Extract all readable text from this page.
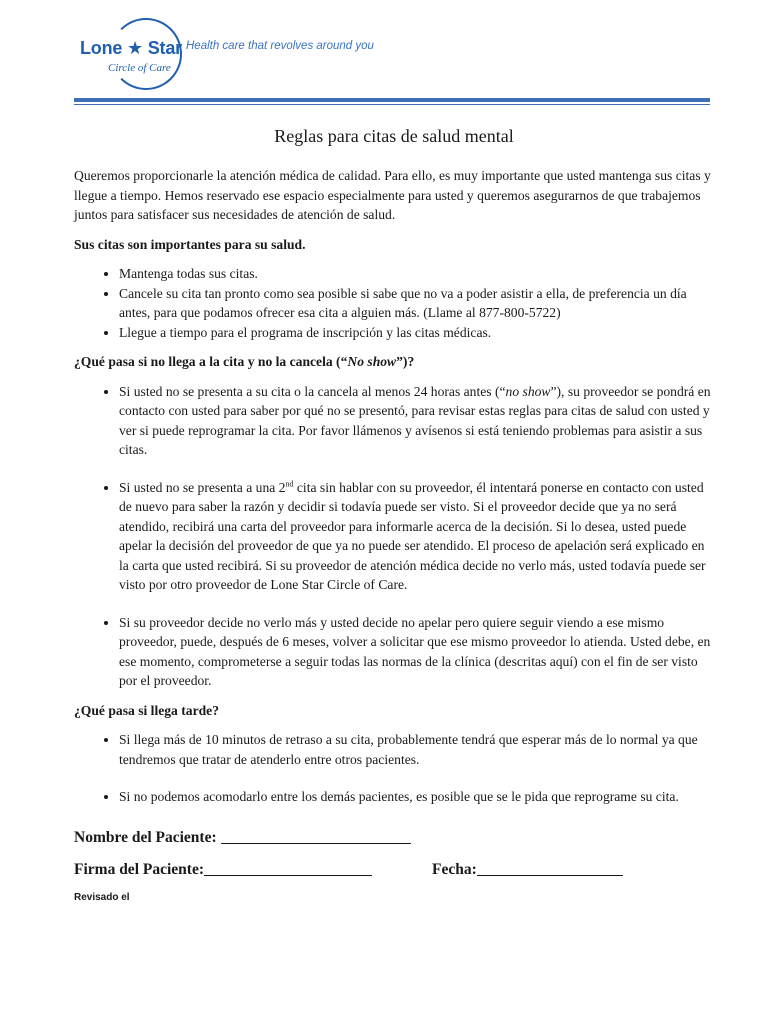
Lone ★ Star
Circle of Care
Health care that revolves around you
Reglas para citas de salud mental

Queremos proporcionarle la atención médica de calidad. Para ello, es muy importante que usted mantenga sus citas y llegue a tiempo. Hemos reservado ese espacio especialmente para usted y queremos asegurarnos de que trabajemos juntos para satisfacer sus necesidades de atención de salud.

Sus citas son importantes para su salud.

• Mantenga todas sus citas.
• Cancele su cita tan pronto como sea posible si sabe que no va a poder asistir a ella, de preferencia un día antes, para que podamos ofrecer esa cita a alguien más. (Llame al 877-800-5722)
• Llegue a tiempo para el programa de inscripción y las citas médicas.

¿Qué pasa si no llega a la cita y no la cancela (“No show”)?

• Si usted no se presenta a su cita o la cancela al menos 24 horas antes (“no show”), su proveedor se pondrá en contacto con usted para saber por qué no se presentó, para revisar estas reglas para citas de salud con usted y ver si puede reprogramar la cita. Por favor llámenos y avísenos si está teniendo problemas para asistir a sus citas.
• Si usted no se presenta a una 2nd cita sin hablar con su proveedor, él intentará ponerse en contacto con usted de nuevo para saber la razón y decidir si todavía puede ser visto. Si el proveedor decide que ya no será atendido, recibirá una carta del proveedor para informarle acerca de la decisión. Si lo desea, usted puede apelar la decisión del proveedor de que ya no puede ser atendido. El proceso de apelación será explicado en la carta que usted recibirá. Si su proveedor de atención médica decide no verlo más, usted todavía puede ser visto por otro proveedor de Lone Star Circle of Care.
• Si su proveedor decide no verlo más y usted decide no apelar pero quiere seguir viendo a ese mismo proveedor, puede, después de 6 meses, volver a solicitar que ese mismo proveedor lo atienda. Usted debe, en ese momento, comprometerse a seguir todas las normas de la clínica (descritas aquí) con el fin de ser visto por el proveedor.

¿Qué pasa si llega tarde?

• Si llega más de 10 minutos de retraso a su cita, probablemente tendrá que esperar más de lo normal ya que tendremos que tratar de atenderlo entre otros pacientes.
• Si no podemos acomodarlo entre los demás pacientes, es posible que se le pida que reprograme su cita.
Nombre del Paciente:
Firma del Paciente:	Fecha:
Revisado el
